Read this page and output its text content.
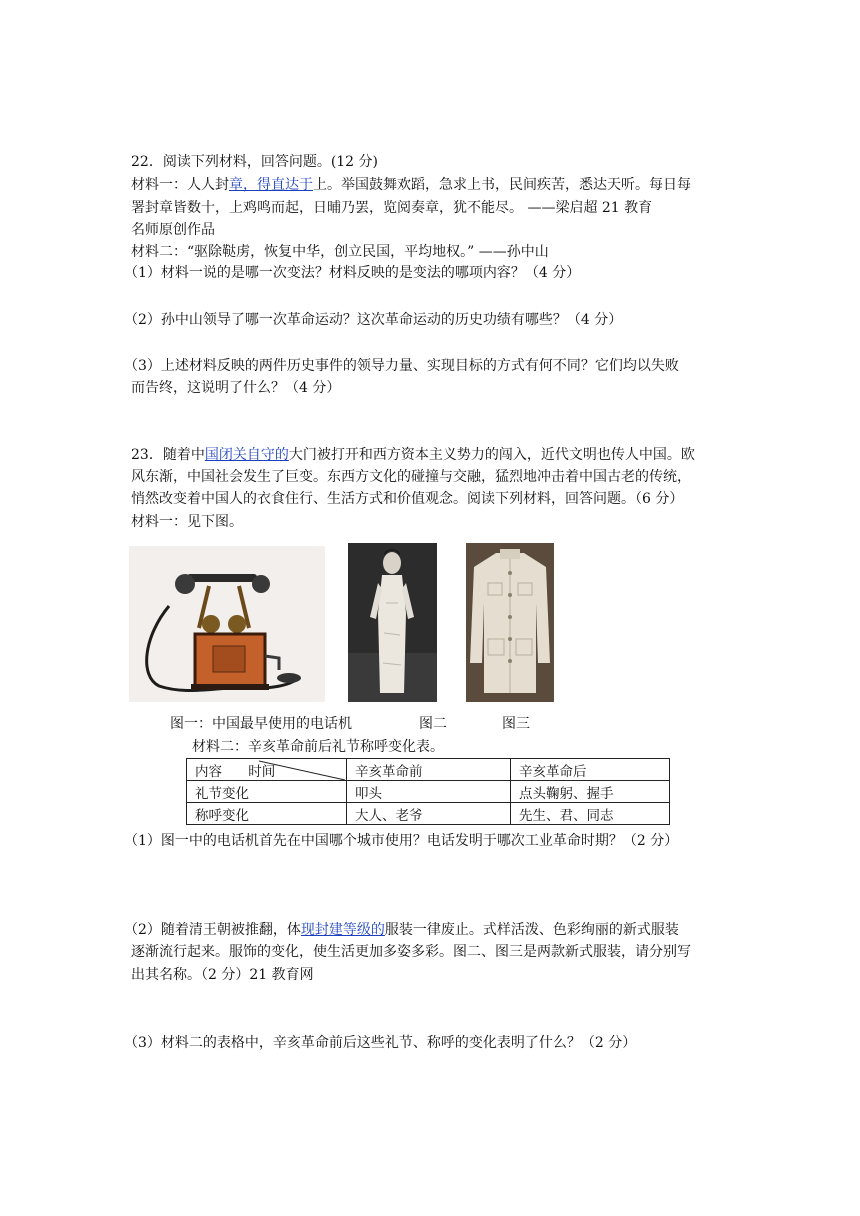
22．阅读下列材料，回答问题。(12 分)
材料一：人人封章，得直达于上。举国鼓舞欢蹈，急求上书，民间疾苦，悉达天听。每日每
署封章皆数十，上鸡鸣而起，日晡乃罢，览阅奏章，犹不能尽。 ——梁启超 21 教育
名师原创作品
材料二：“驱除鞑虏，恢复中华，创立民国，平均地权。” ——孙中山
（1）材料一说的是哪一次变法？材料反映的是变法的哪项内容？（4 分）
（2）孙中山领导了哪一次革命运动？这次革命运动的历史功绩有哪些？（4 分）
（3）上述材料反映的两件历史事件的领导力量、实现目标的方式有何不同？它们均以失败
而告终，这说明了什么？（4 分）
23．随着中国闭关自守的大门被打开和西方资本主义势力的闯入，近代文明也传人中国。欧
风东渐，中国社会发生了巨变。东西方文化的碰撞与交融，猛烈地冲击着中国古老的传统，
悄然改变着中国人的衣食住行、生活方式和价值观念。阅读下列材料，回答问题。（6 分）
材料一：见下图。
图一：中国最早使用的电话机	图二	图三
材料二：辛亥革命前后礼节称呼变化表。
内容 时间	辛亥革命前	辛亥革命后
礼节变化	叩头	点头鞠躬、握手
称呼变化	大人、老爷	先生、君、同志
（1）图一中的电话机首先在中国哪个城市使用？电话发明于哪次工业革命时期？（2 分）
（2）随着清王朝被推翻，体现封建等级的服装一律废止。式样活泼、色彩绚丽的新式服装
逐渐流行起来。服饰的变化，使生活更加多姿多彩。图二、图三是两款新式服装，请分别写
出其名称。（2 分）21 教育网
（3）材料二的表格中，辛亥革命前后这些礼节、称呼的变化表明了什么？（2 分）
